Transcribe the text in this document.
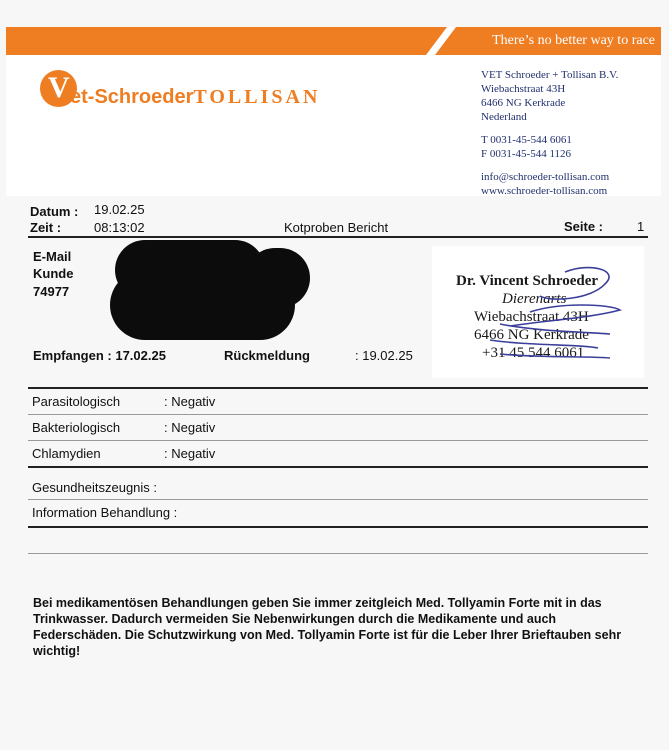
There’s no better way to race
V et-SchroederTOLLISAN
VET Schroeder + Tollisan B.V.
Wiebachstraat 43H
6466 NG Kerkrade
Nederland
T 0031-45-544 6061
F 0031-45-544 1126
info@schroeder-tollisan.com
www.schroeder-tollisan.com
Datum : 19.02.25
Zeit :	08:13:02	Kotproben Bericht	Seite :	1
E-Mail
Kunde
74977
Dr. Vincent Schroeder
Dierenarts
Wiebachstraat 43H
6466 NG Kerkrade
+31 45 544 6061
Empfangen : 17.02.25	Rückmeldung	: 19.02.25
Parasitologisch	: Negativ
Bakteriologisch	: Negativ
Chlamydien	: Negativ
Gesundheitszeugnis :
Information Behandlung :
Bei medikamentösen Behandlungen geben Sie immer zeitgleich Med. Tollyamin Forte mit in das Trinkwasser. Dadurch vermeiden Sie Nebenwirkungen durch die Medikamente und auch Federschäden. Die Schutzwirkung von Med. Tollyamin Forte ist für die Leber Ihrer Brieftauben sehr wichtig!
